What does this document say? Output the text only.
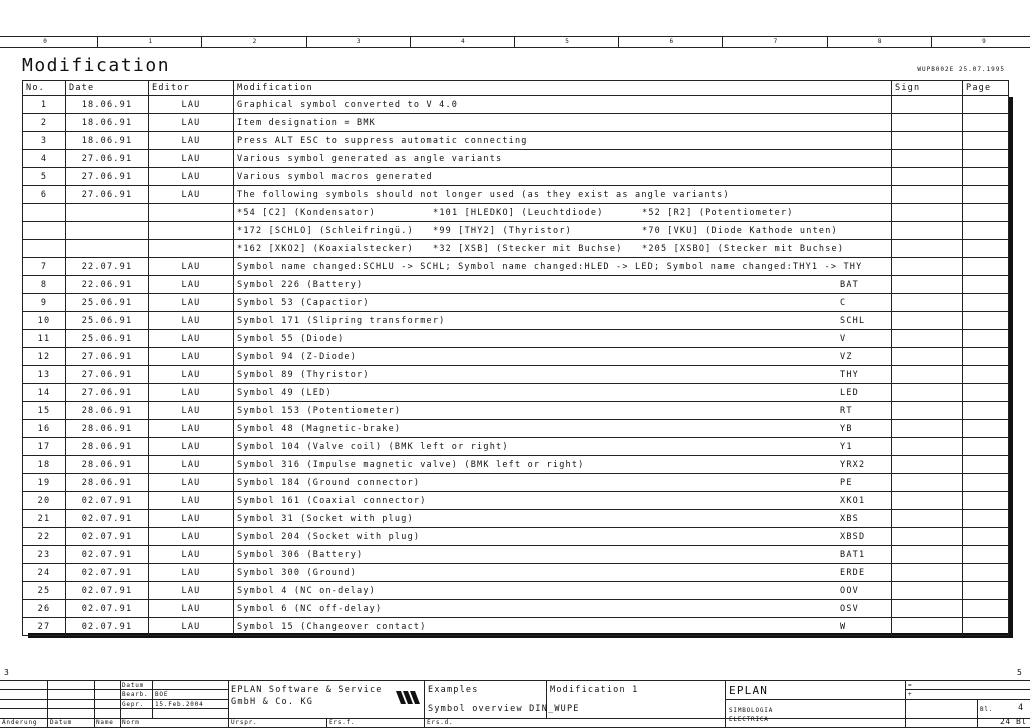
0	1	2	3	4	5	6	7	8	9
Modification	WUPB002E 25.07.1995
No.	Date	Editor	Modification	Sign	Page
1	18.06.91	LAU	Graphical symbol converted to V 4.0		

2	18.06.91	LAU	Item designation = BMK		

3	18.06.91	LAU	Press ALT ESC to suppress automatic connecting		

4	27.06.91	LAU	Various symbol generated as angle variants		

5	27.06.91	LAU	Various symbol macros generated		

6	27.06.91	LAU	The following symbols should not longer used (as they exist as angle variants)		

			*54 [C2] (Kondensator) *101 [HLEDKO] (Leuchtdiode) *52 [R2] (Potentiometer)		

			*172 [SCHLO] (Schleifringü.) *99 [THY2] (Thyristor) *70 [VKU] (Diode Kathode unten)		

			*162 [XKO2] (Koaxialstecker) *32 [XSB] (Stecker mit Buchse) *205 [XSBO] (Stecker mit Buchse)		

7	22.07.91	LAU	Symbol name changed:SCHLU -> SCHL; Symbol name changed:HLED -> LED; Symbol name changed:THY1 -> THY		

8	22.06.91	LAU	Symbol 226 (Battery) BAT		

9	25.06.91	LAU	Symbol 53 (Capactior) C		

10	25.06.91	LAU	Symbol 171 (Slipring transformer) SCHL		

11	25.06.91	LAU	Symbol 55 (Diode) V		

12	27.06.91	LAU	Symbol 94 (Z-Diode) VZ		

13	27.06.91	LAU	Symbol 89 (Thyristor) THY		

14	27.06.91	LAU	Symbol 49 (LED) LED		

15	28.06.91	LAU	Symbol 153 (Potentiometer) RT		

16	28.06.91	LAU	Symbol 48 (Magnetic-brake) YB		

17	28.06.91	LAU	Symbol 104 (Valve coil) (BMK left or right) Y1		

18	28.06.91	LAU	Symbol 316 (Impulse magnetic valve) (BMK left or right) YRX2		

19	28.06.91	LAU	Symbol 184 (Ground connector) PE		

20	02.07.91	LAU	Symbol 161 (Coaxial connector) XKO1		

21	02.07.91	LAU	Symbol 31 (Socket with plug) XBS		

22	02.07.91	LAU	Symbol 204 (Socket with plug) XBSD		

23	02.07.91	LAU	Symbol 306 (Battery) BAT1		

24	02.07.91	LAU	Symbol 300 (Ground) ERDE		

25	02.07.91	LAU	Symbol 4 (NC on-delay) OOV		

26	02.07.91	LAU	Symbol 6 (NC off-delay) OSV		

27	02.07.91	LAU	Symbol 15 (Changeover contact) W		

3	5
Datum
Bearb. BOE
Gepr. 15.Feb.2004
Norm
Änderung Datum	Name
EPLAN Software & Service
GmbH & Co. KG
Urspr.	Ers.f.	Ers.d.
Examples	Modification 1
Symbol overview DIN_WUPE
EPLAN
SIMBOLOGIA
ELECTRICA
=
+
Bl.	4
24 Bl
